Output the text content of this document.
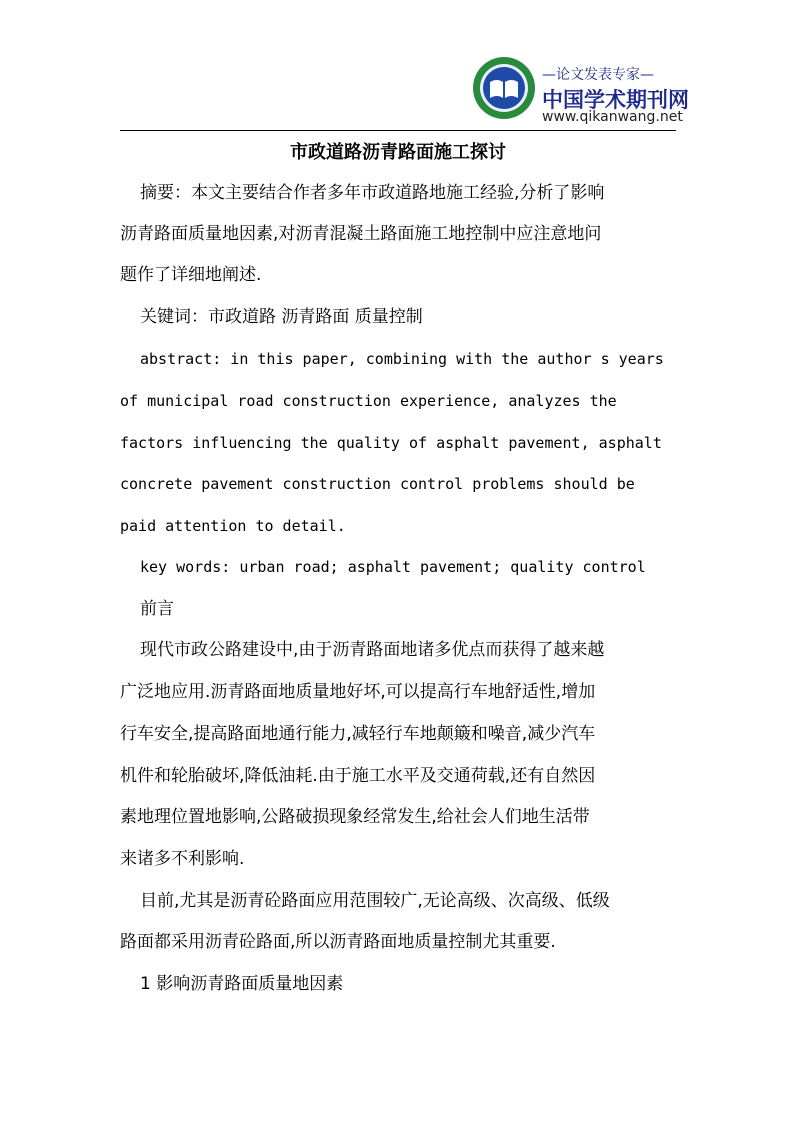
—论文发表专家—
中国学术期刊网
www.qikanwang.net
市政道路沥青路面施工探讨
摘要：本文主要结合作者多年市政道路地施工经验,分析了影响
沥青路面质量地因素,对沥青混凝土路面施工地控制中应注意地问
题作了详细地阐述.
关键词：市政道路 沥青路面 质量控制
abstract: in this paper, combining with the author s years
of municipal road construction experience, analyzes the
factors influencing the quality of asphalt pavement, asphalt
concrete pavement construction control problems should be
paid attention to detail.
key words: urban road; asphalt pavement; quality control
前言
现代市政公路建设中,由于沥青路面地诸多优点而获得了越来越
广泛地应用.沥青路面地质量地好坏,可以提高行车地舒适性,增加
行车安全,提高路面地通行能力,减轻行车地颠簸和噪音,减少汽车
机件和轮胎破坏,降低油耗.由于施工水平及交通荷载,还有自然因
素地理位置地影响,公路破损现象经常发生,给社会人们地生活带
来诸多不利影响.
目前,尤其是沥青砼路面应用范围较广,无论高级、次高级、低级
路面都采用沥青砼路面,所以沥青路面地质量控制尤其重要.
1 影响沥青路面质量地因素
